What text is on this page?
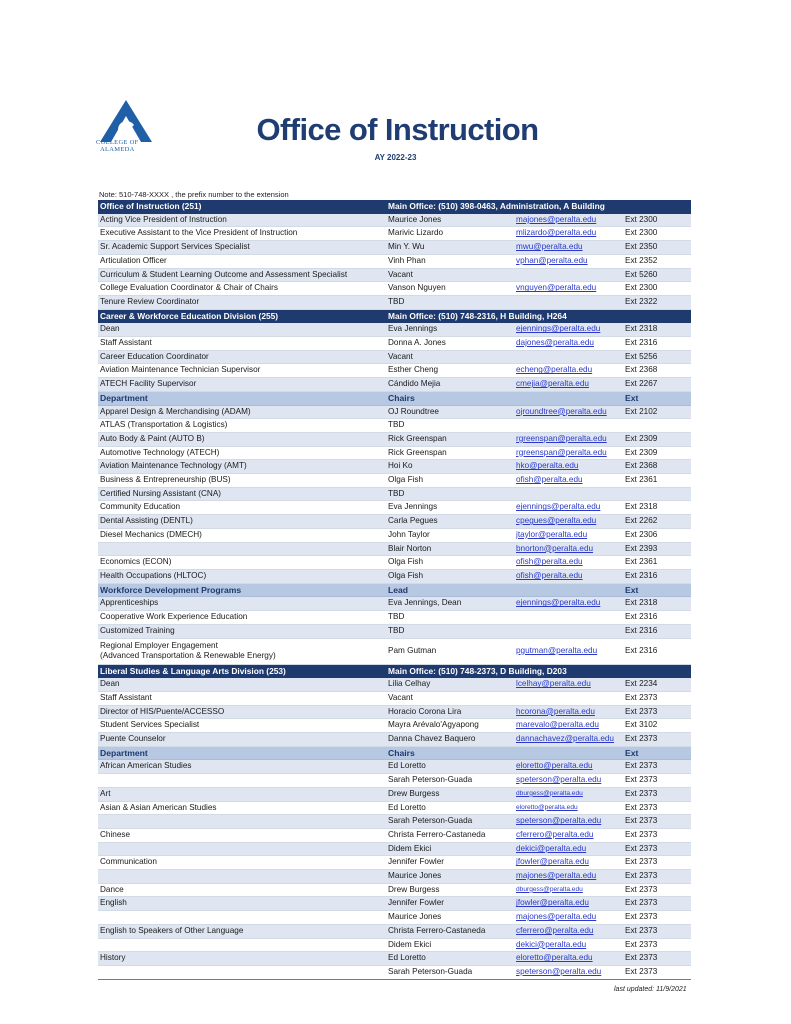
COLLEGE OF
ALAMEDA
Office of Instruction
AY 2022-23
Note: 510-748-XXXX , the prefix number to the extension
Office of Instruction (251)	Main Office: (510) 398-0463, Administration, A Building		
Acting Vice President of Instruction	Maurice Jones	majones@peralta.edu	Ext 2300
Executive Assistant to the Vice President of Instruction	Marivic Lizardo	mlizardo@peralta.edu	Ext 2300
Sr. Academic Support Services Specialist	Min Y. Wu	mwu@peralta.edu	Ext 2350
Articulation Officer	Vinh Phan	vphan@peralta.edu	Ext 2352
Curriculum & Student Learning Outcome and Assessment Specialist	Vacant		Ext 5260
College Evaluation Coordinator & Chair of Chairs	Vanson Nguyen	vnguyen@peralta.edu	Ext 2300
Tenure Review Coordinator	TBD		Ext 2322
Career & Workforce Education Division (255)	Main Office: (510) 748-2316, H Building, H264		
Dean	Eva Jennings	ejennings@peralta.edu	Ext 2318
Staff Assistant	Donna A. Jones	dajones@peralta.edu	Ext 2316
Career Education Coordinator	Vacant		Ext 5256
Aviation Maintenance Technician Supervisor	Esther Cheng	echeng@peralta.edu	Ext 2368
ATECH Facility Supervisor	Cándido Mejia	cmejia@peralta.edu	Ext 2267
Department	Chairs		Ext
Apparel Design & Merchandising (ADAM)	OJ Roundtree	ojroundtree@peralta.edu	Ext 2102
ATLAS (Transportation & Logistics)	TBD		
Auto Body & Paint (AUTO B)	Rick Greenspan	rgreenspan@peralta.edu	Ext 2309
Automotive Technology (ATECH)	Rick Greenspan	rgreenspan@peralta.edu	Ext 2309
Aviation Maintenance Technology (AMT)	Hoi Ko	hko@peralta.edu	Ext 2368
Business & Entrepreneurship (BUS)	Olga Fish	ofish@peralta.edu	Ext 2361
Certified Nursing Assistant (CNA)	TBD		
Community Education	Eva Jennings	ejennings@peralta.edu	Ext 2318
Dental Assisting (DENTL)	Carla Pegues	cpegues@peralta.edu	Ext 2262
Diesel Mechanics (DMECH)	John Taylor	jtaylor@peralta.edu	Ext 2306
	Blair Norton	bnorton@peralta.edu	Ext 2393
Economics (ECON)	Olga Fish	ofish@peralta.edu	Ext 2361
Health Occupations (HLTOC)	Olga Fish	ofish@peralta.edu	Ext 2316
Workforce Development Programs	Lead		Ext
Apprenticeships	Eva Jennings, Dean	ejennings@peralta.edu	Ext 2318
Cooperative Work Experience Education	TBD		Ext 2316
Customized Training	TBD		Ext 2316

Regional Employer Engagement
(Advanced Transportation & Renewable Energy)	Pam Gutman	pgutman@peralta.edu	Ext 2316
Liberal Studies & Language Arts Division (253)	Main Office: (510) 748-2373, D Building, D203		
Dean	Lilia Celhay	lcelhay@peralta.edu	Ext 2234
Staff Assistant	Vacant		Ext 2373
Director of HIS/Puente/ACCESSO	Horacio Corona Lira	hcorona@peralta.edu	Ext 2373
Student Services Specialist	Mayra Arévalo'Agyapong	marevalo@peralta.edu	Ext 3102
Puente Counselor	Danna Chavez Baquero	dannachavez@peralta.edu	Ext 2373
Department	Chairs		Ext
African American Studies	Ed Loretto	eloretto@peralta.edu	Ext 2373
	Sarah Peterson-Guada	speterson@peralta.edu	Ext 2373
Art	Drew Burgess	dburgess@peralta.edu	Ext 2373
Asian & Asian American Studies	Ed Loretto	eloretto@peralta.edu	Ext 2373
	Sarah Peterson-Guada	speterson@peralta.edu	Ext 2373
Chinese	Christa Ferrero-Castaneda	cferrero@peralta.edu	Ext 2373
	Didem Ekici	dekici@peralta.edu	Ext 2373
Communication	Jennifer Fowler	jfowler@peralta.edu	Ext 2373
	Maurice Jones	majones@peralta.edu	Ext 2373
Dance	Drew Burgess	dburgess@peralta.edu	Ext 2373
English	Jennifer Fowler	jfowler@peralta.edu	Ext 2373
	Maurice Jones	majones@peralta.edu	Ext 2373
English to Speakers of Other Language	Christa Ferrero-Castaneda	cferrero@peralta.edu	Ext 2373
	Didem Ekici	dekici@peralta.edu	Ext 2373
History	Ed Loretto	eloretto@peralta.edu	Ext 2373
	Sarah Peterson-Guada	speterson@peralta.edu	Ext 2373
last updated: 11/9/2021
